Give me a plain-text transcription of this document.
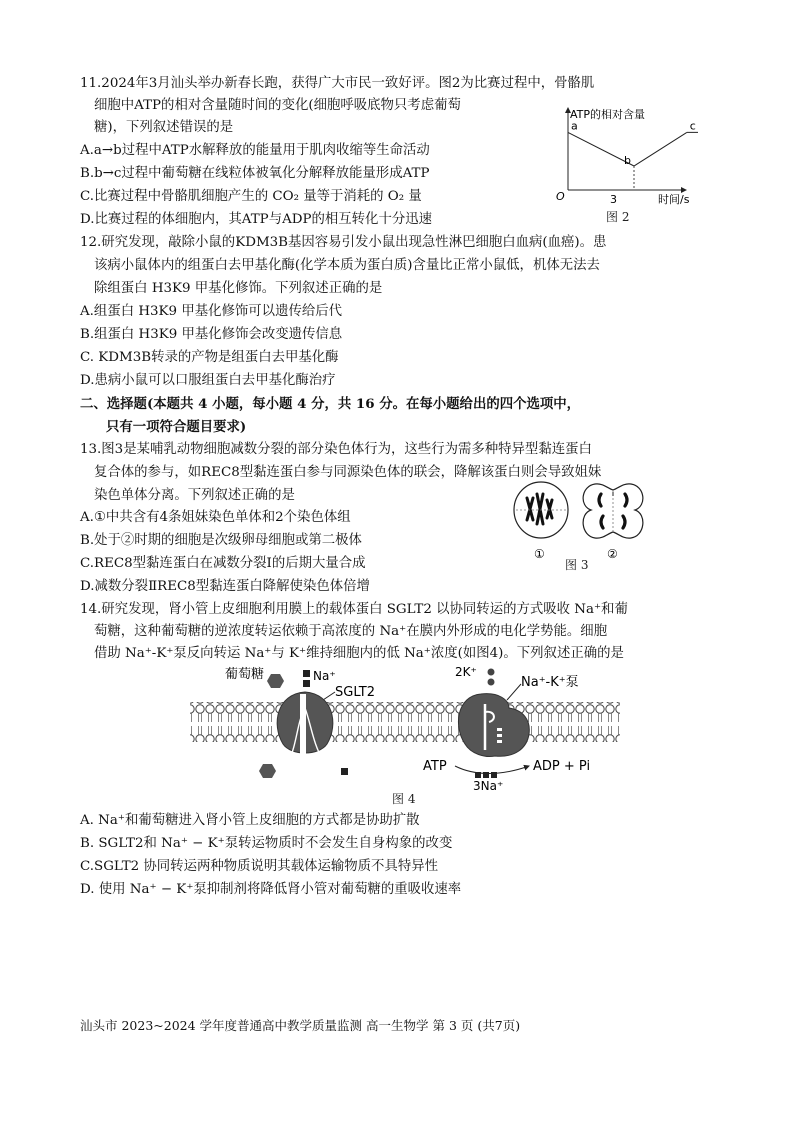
11.2024年3月汕头举办新春长跑，获得广大市民一致好评。图2为比赛过程中，骨骼肌
细胞中ATP的相对含量随时间的变化(细胞呼吸底物只考虑葡萄
糖)，下列叙述错误的是
A.a→b过程中ATP水解释放的能量用于肌肉收缩等生命活动
B.b→c过程中葡萄糖在线粒体被氧化分解释放能量形成ATP
C.比赛过程中骨骼肌细胞产生的 CO₂ 量等于消耗的 O₂ 量
D.比赛过程的体细胞内，其ATP与ADP的相互转化十分迅速
ATP的相对含量
O	时间/s
3
a
b
c
图 2
12.研究发现，敲除小鼠的KDM3B基因容易引发小鼠出现急性淋巴细胞白血病(血癌)。患
该病小鼠体内的组蛋白去甲基化酶(化学本质为蛋白质)含量比正常小鼠低，机体无法去
除组蛋白 H3K9 甲基化修饰。下列叙述正确的是
A.组蛋白 H3K9 甲基化修饰可以遗传给后代
B.组蛋白 H3K9 甲基化修饰会改变遗传信息
C. KDM3B转录的产物是组蛋白去甲基化酶
D.患病小鼠可以口服组蛋白去甲基化酶治疗
二、选择题(本题共 4 小题，每小题 4 分，共 16 分。在每小题给出的四个选项中，
只有一项符合题目要求)
13.图3是某哺乳动物细胞减数分裂的部分染色体行为，这些行为需多种特异型黏连蛋白
复合体的参与，如REC8型黏连蛋白参与同源染色体的联会，降解该蛋白则会导致姐妹
染色单体分离。下列叙述正确的是
A.①中共含有4条姐妹染色单体和2个染色体组
B.处于②时期的细胞是次级卵母细胞或第二极体
C.REC8型黏连蛋白在减数分裂Ⅰ的后期大量合成
D.减数分裂ⅡREC8型黏连蛋白降解使染色体倍增
①	②
图 3
14.研究发现，肾小管上皮细胞利用膜上的载体蛋白 SGLT2 以协同转运的方式吸收 Na⁺和葡
萄糖，这种葡萄糖的逆浓度转运依赖于高浓度的 Na⁺在膜内外形成的电化学势能。细胞
借助 Na⁺-K⁺泵反向转运 Na⁺与 K⁺维持细胞内的低 Na⁺浓度(如图4)。下列叙述正确的是
葡萄糖	Na⁺
SGLT2
2K⁺
Na⁺-K⁺泵
ATP	ADP + Pi
3Na⁺
图 4
A. Na⁺和葡萄糖进入肾小管上皮细胞的方式都是协助扩散
B. SGLT2和 Na⁺ − K⁺泵转运物质时不会发生自身构象的改变
C.SGLT2 协同转运两种物质说明其载体运输物质不具特异性
D. 使用 Na⁺ − K⁺泵抑制剂将降低肾小管对葡萄糖的重吸收速率
汕头市 2023~2024 学年度普通高中教学质量监测 高一生物学 第 3 页 (共7页)
